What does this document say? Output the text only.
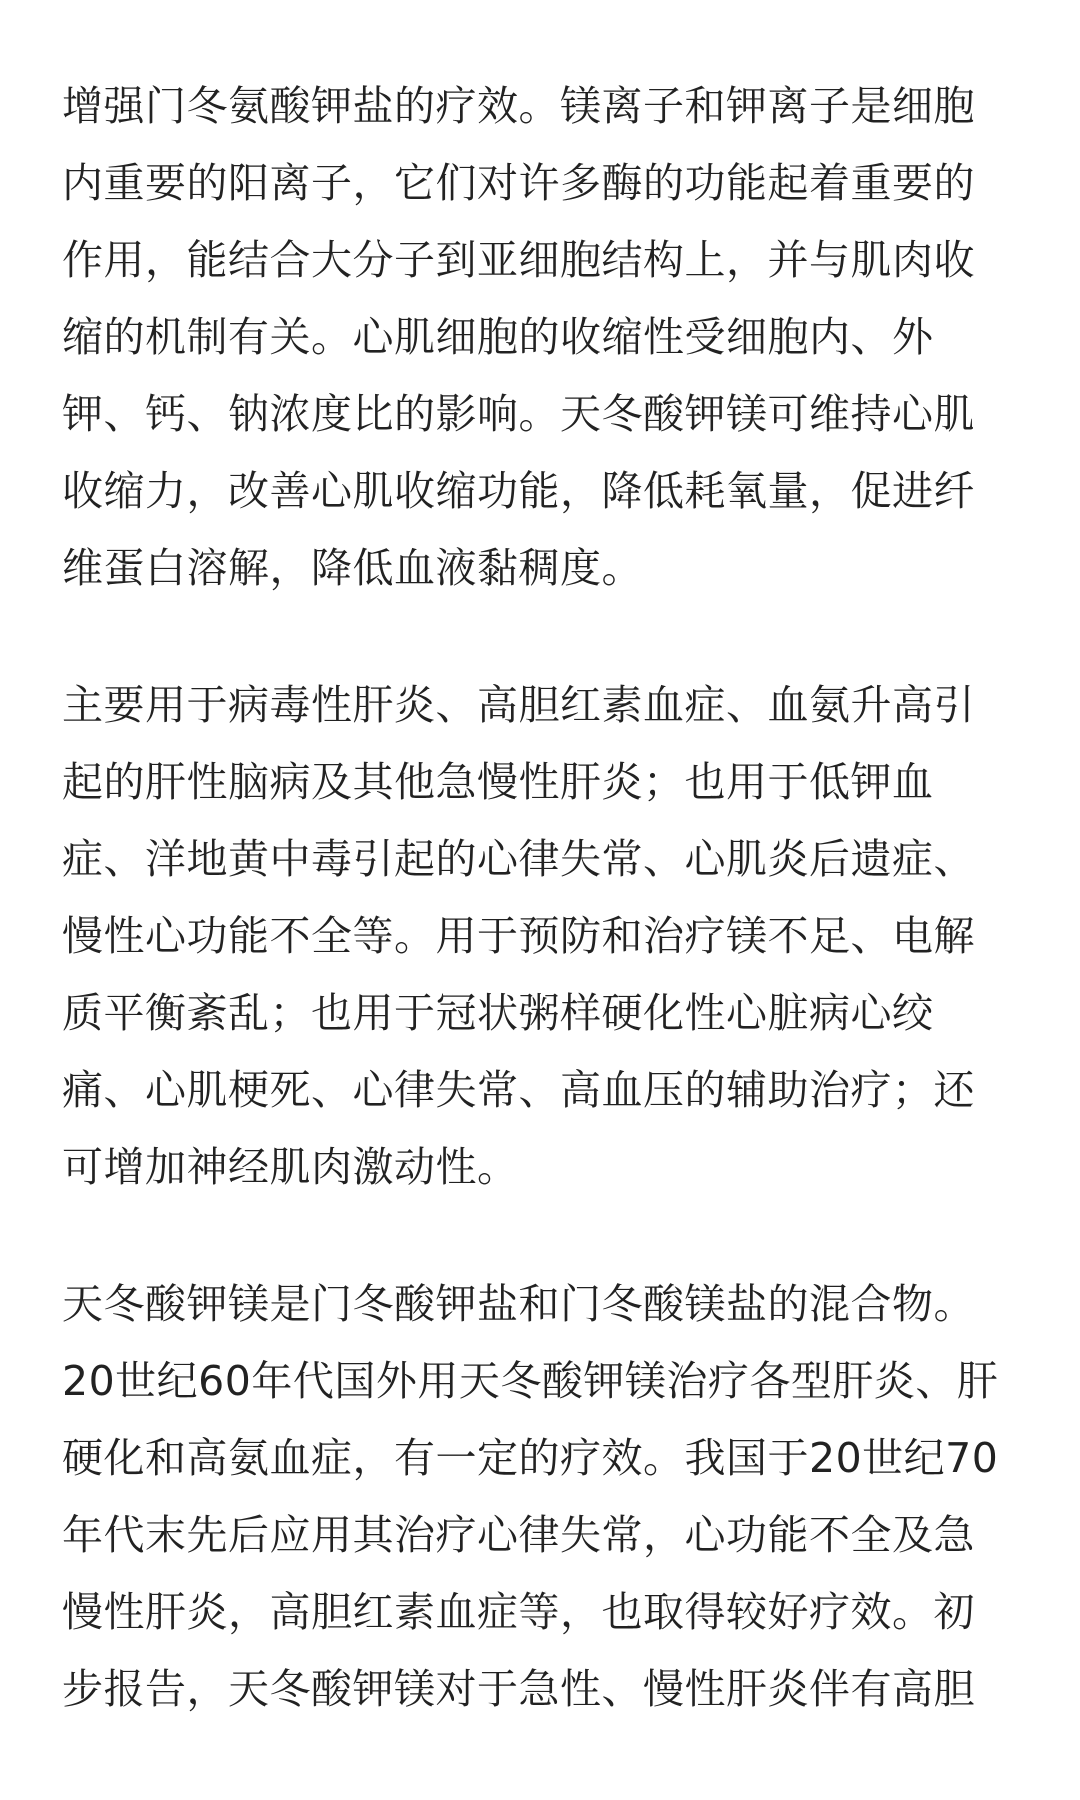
增强门冬氨酸钾盐的疗效。镁离子和钾离子是细胞
内重要的阳离子，它们对许多酶的功能起着重要的
作用，能结合大分子到亚细胞结构上，并与肌肉收
缩的机制有关。心肌细胞的收缩性受细胞内、外
钾、钙、钠浓度比的影响。天冬酸钾镁可维持心肌
收缩力，改善心肌收缩功能，降低耗氧量，促进纤
维蛋白溶解，降低血液黏稠度。
主要用于病毒性肝炎、高胆红素血症、血氨升高引
起的肝性脑病及其他急慢性肝炎；也用于低钾血
症、洋地黄中毒引起的心律失常、心肌炎后遗症、
慢性心功能不全等。用于预防和治疗镁不足、电解
质平衡紊乱；也用于冠状粥样硬化性心脏病心绞
痛、心肌梗死、心律失常、高血压的辅助治疗；还
可增加神经肌肉激动性。
天冬酸钾镁是门冬酸钾盐和门冬酸镁盐的混合物。
20世纪60年代国外用天冬酸钾镁治疗各型肝炎、肝
硬化和高氨血症，有一定的疗效。我国于20世纪70
年代末先后应用其治疗心律失常，心功能不全及急
慢性肝炎，高胆红素血症等，也取得较好疗效。初
步报告，天冬酸钾镁对于急性、慢性肝炎伴有高胆
